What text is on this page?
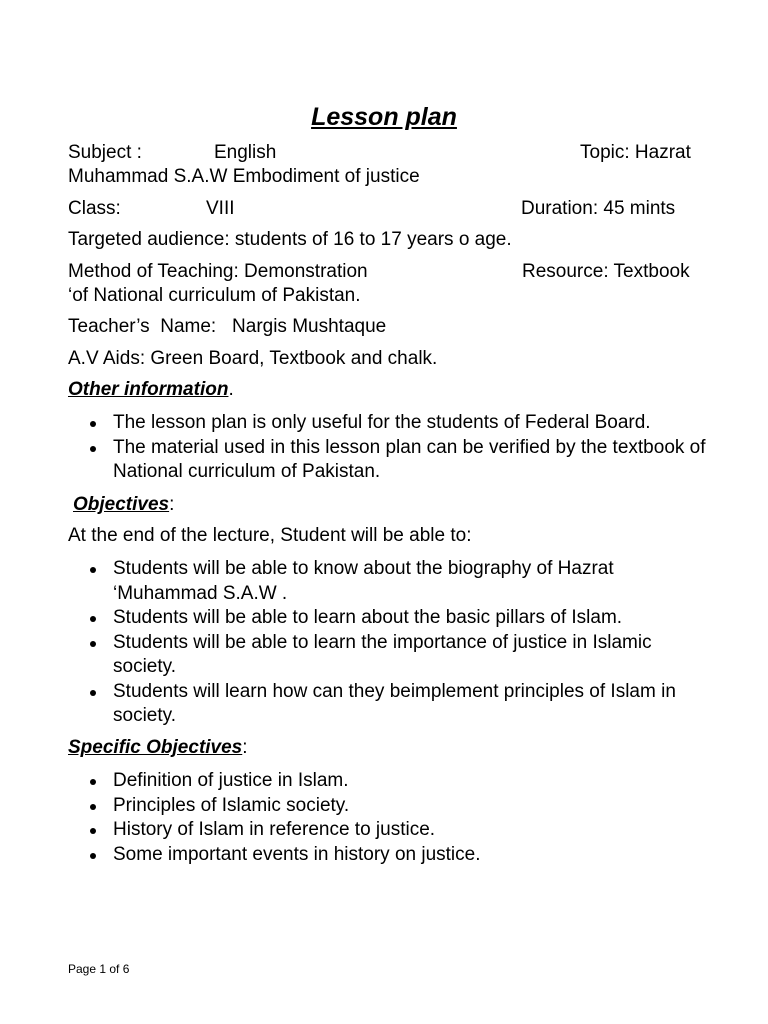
Lesson plan
Subject :	English	Topic: Hazrat
Muhammad S.A.W Embodiment of justice
Class:	VIII	Duration: 45 mints
Targeted audience: students of 16 to 17 years o age.
Method of Teaching: Demonstration	Resource: Textbook
‘of National curriculum of Pakistan.
Teacher’s  Name:   Nargis Mushtaque
A.V Aids: Green Board, Textbook and chalk.
Other information.
The lesson plan is only useful for the students of Federal Board.
The material used in this lesson plan can be verified by the textbook of National curriculum of Pakistan.
Objectives:
At the end of the lecture, Student will be able to:
Students will be able to know about the biography of Hazrat ‘Muhammad S.A.W .
Students will be able to learn about the basic pillars of Islam.
Students will be able to learn the importance of justice in Islamic society.
Students will learn how can they beimplement principles of Islam in society.
Specific Objectives:
Definition of justice in Islam.
Principles of Islamic society.
History of Islam in reference to justice.
Some important events in history on justice.
Page 1 of 6
